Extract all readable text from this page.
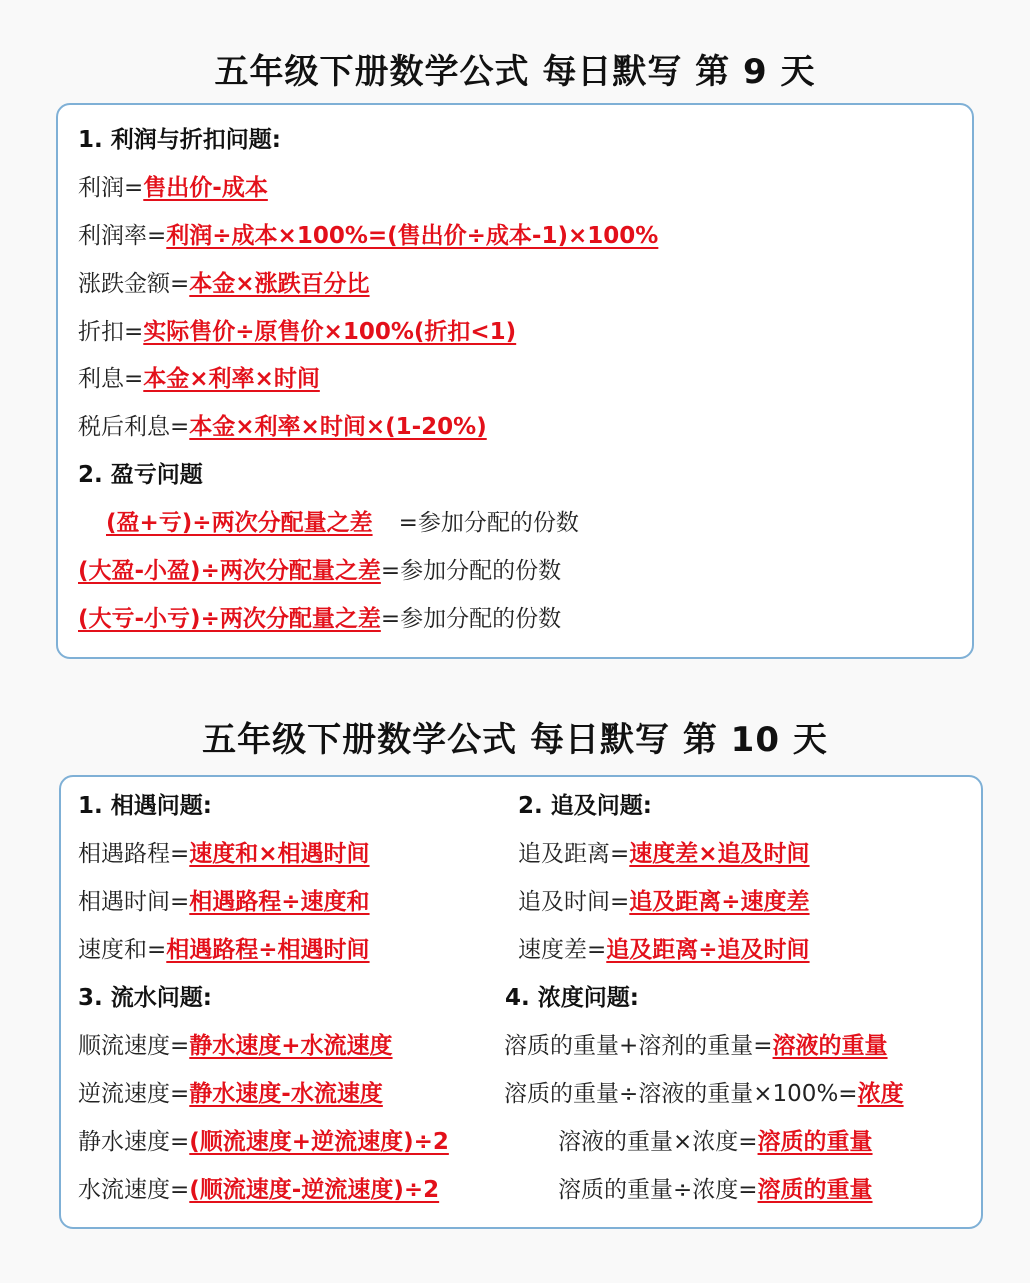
五年级下册数学公式 每日默写 第 9 天
1. 利润与折扣问题:
利润=售出价-成本
利润率=利润÷成本×100%=(售出价÷成本-1)×100%
涨跌金额=本金×涨跌百分比
折扣=实际售价÷原售价×100%(折扣<1)
利息=本金×利率×时间
税后利息=本金×利率×时间×(1-20%)
2. 盈亏问题
(盈+亏)÷两次分配量之差 =参加分配的份数
(大盈-小盈)÷两次分配量之差=参加分配的份数
(大亏-小亏)÷两次分配量之差=参加分配的份数
五年级下册数学公式 每日默写 第 10 天
1. 相遇问题:
相遇路程=速度和×相遇时间
相遇时间=相遇路程÷速度和
速度和=相遇路程÷相遇时间
3. 流水问题:
顺流速度=静水速度+水流速度
逆流速度=静水速度-水流速度
静水速度=(顺流速度+逆流速度)÷2
水流速度=(顺流速度-逆流速度)÷2
2. 追及问题:
追及距离=速度差×追及时间
追及时间=追及距离÷速度差
速度差=追及距离÷追及时间
4. 浓度问题:
溶质的重量+溶剂的重量=溶液的重量
溶质的重量÷溶液的重量×100%=浓度
溶液的重量×浓度=溶质的重量
溶质的重量÷浓度=溶质的重量
